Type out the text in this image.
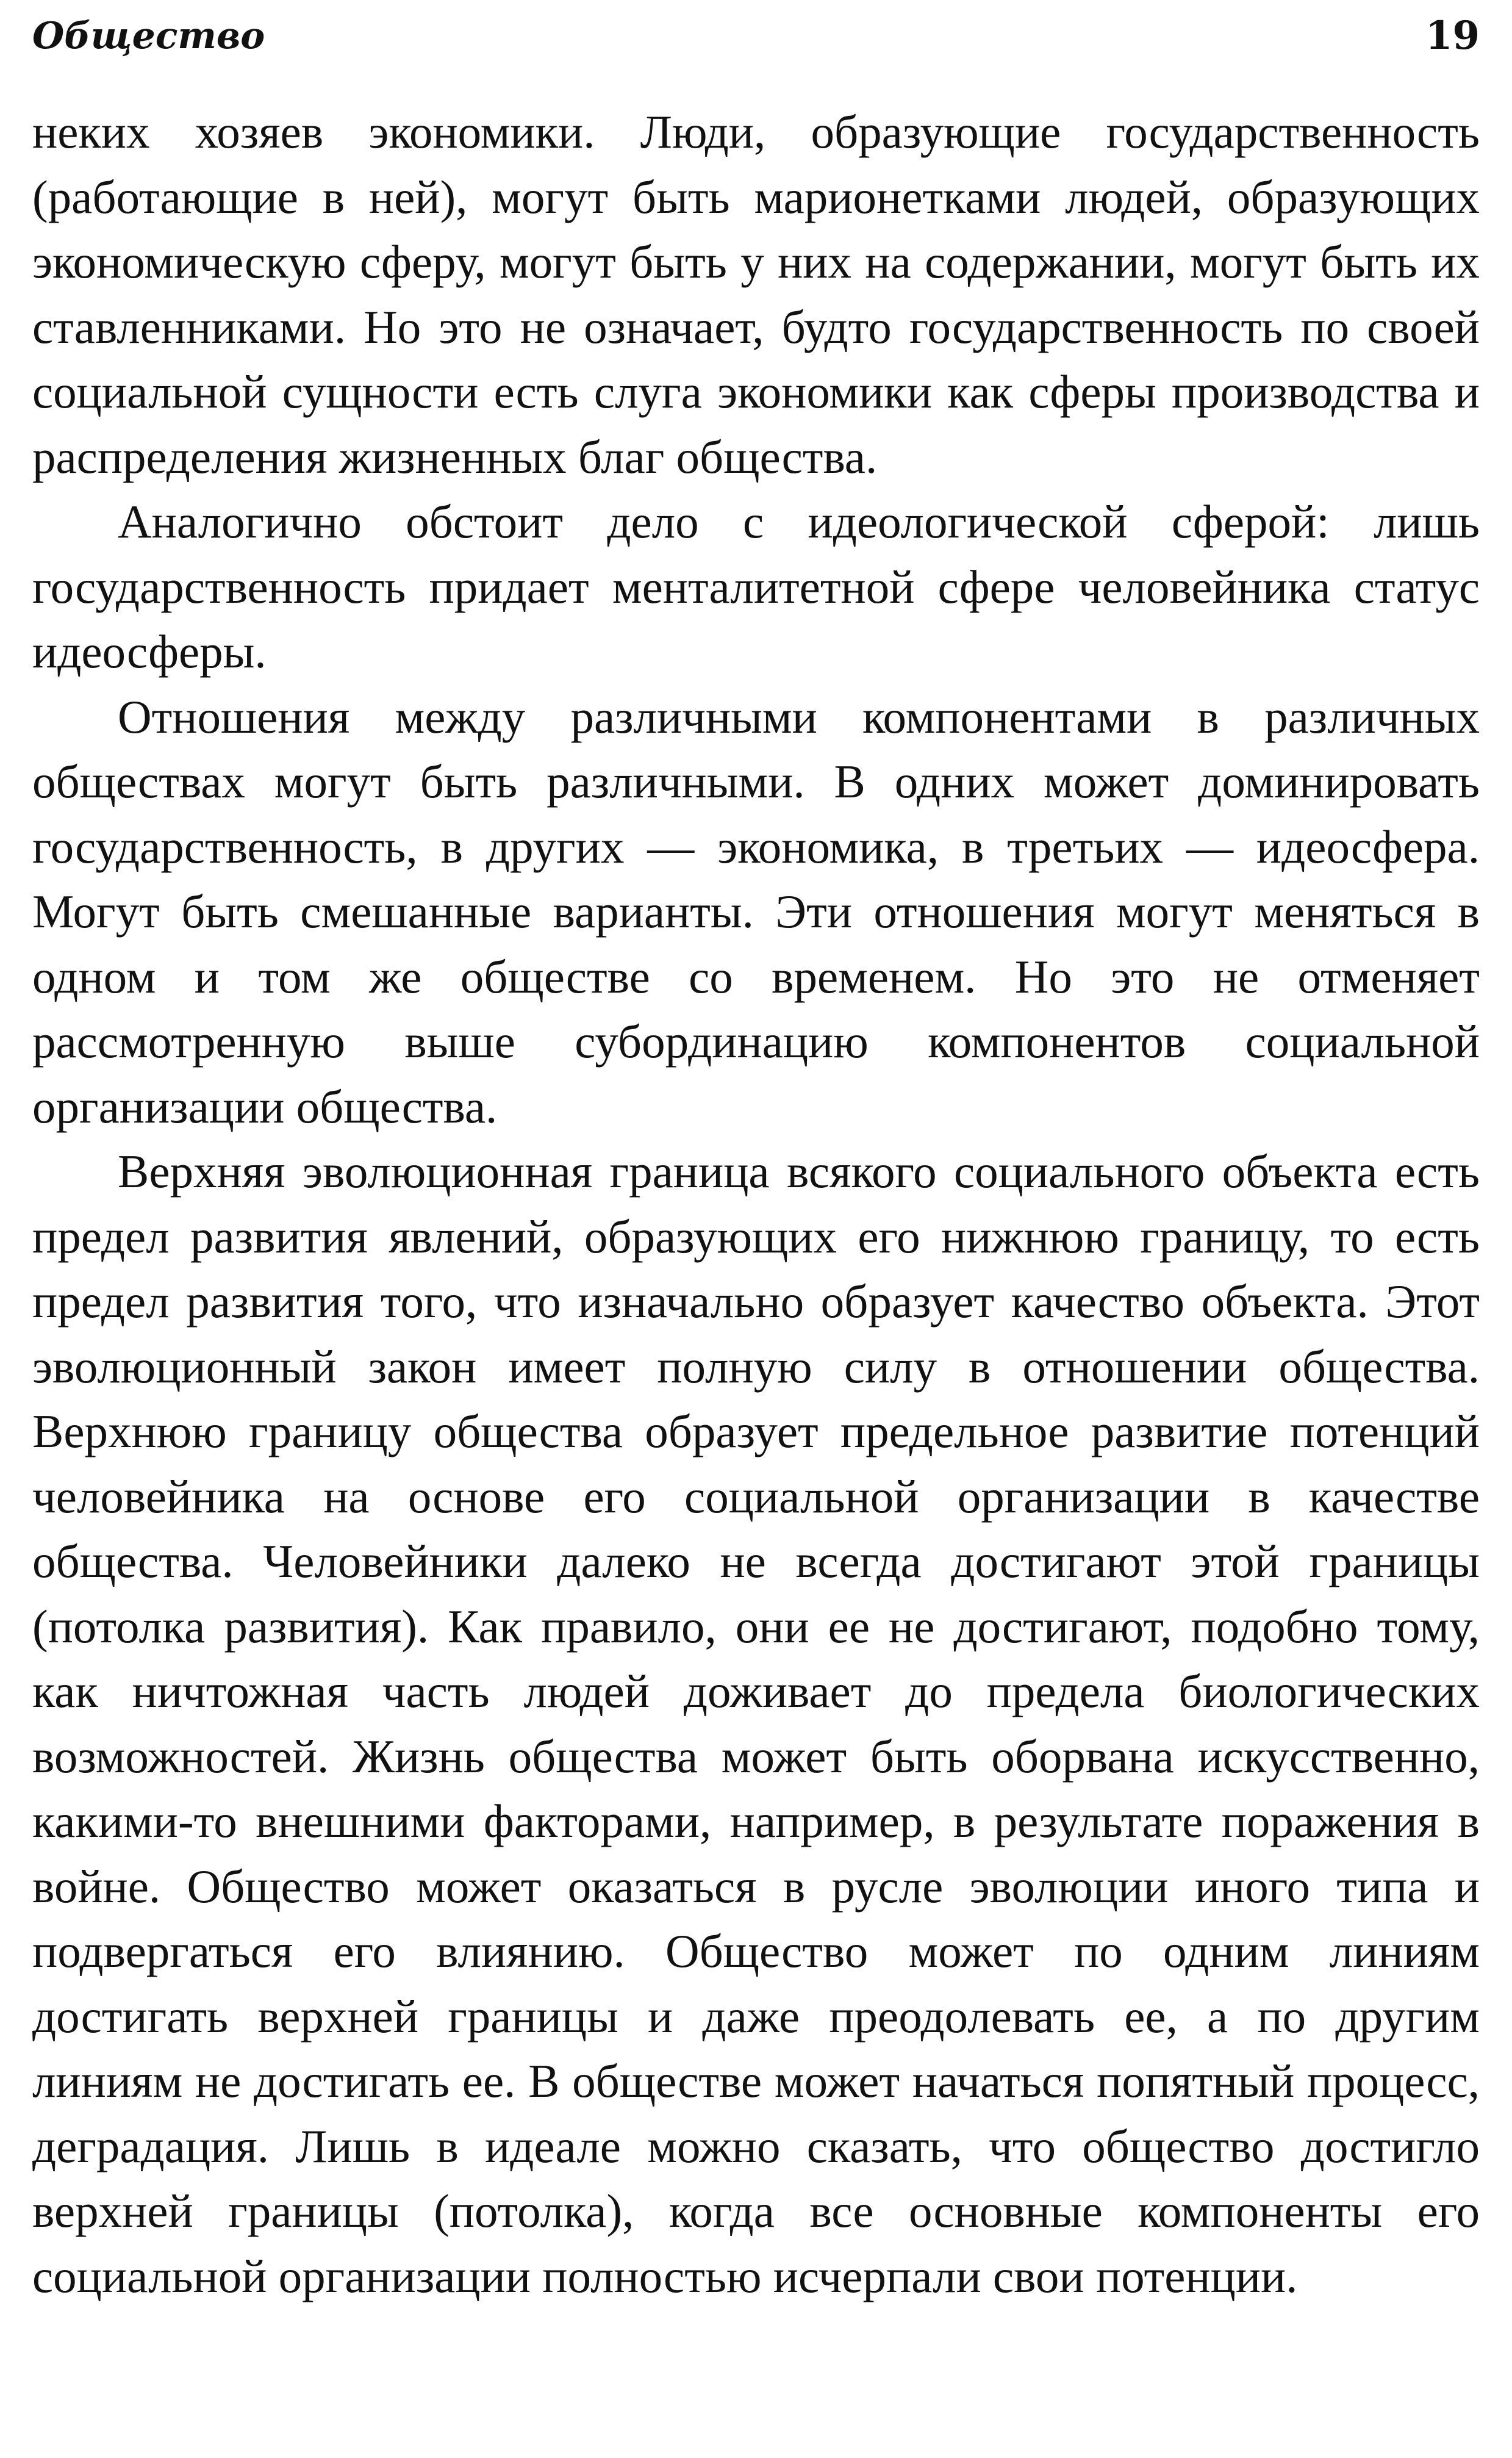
Общество	19

неких хозяев экономики. Люди, образующие государственность (работающие в ней), могут быть марионетками людей, образующих экономическую сферу, могут быть у них на содержании, могут быть их ставленниками. Но это не означает, будто государственность по своей социальной сущности есть слуга экономики как сферы производства и распределения жизненных благ общества.

Аналогично обстоит дело с идеологической сферой: лишь государственность придает менталитетной сфере человейника статус идеосферы.

Отношения между различными компонентами в различных обществах могут быть различными. В одних может доминировать государственность, в других — экономика, в третьих — идеосфера. Могут быть смешанные варианты. Эти отношения могут меняться в одном и том же обществе со временем. Но это не отменяет рассмотренную выше субординацию компонентов социальной организации общества.

Верхняя эволюционная граница всякого социального объекта есть предел развития явлений, образующих его нижнюю границу, то есть предел развития того, что изначально образует качество объекта. Этот эволюционный закон имеет полную силу в отношении общества. Верхнюю границу общества образует предельное развитие потенций человейника на основе его социальной организации в качестве общества. Человейники далеко не всегда достигают этой границы (потолка развития). Как правило, они ее не достигают, подобно тому, как ничтожная часть людей доживает до предела биологических возможностей. Жизнь общества может быть оборвана искусственно, какими-то внешними факторами, например, в результате поражения в войне. Общество может оказаться в русле эволюции иного типа и подвергаться его влиянию. Общество может по одним линиям достигать верхней границы и даже преодолевать ее, а по другим линиям не достигать ее. В обществе может начаться попятный процесс, деградация. Лишь в идеале можно сказать, что общество достигло верхней границы (потолка), когда все основные компоненты его социальной организации полностью исчерпали свои потенции.
